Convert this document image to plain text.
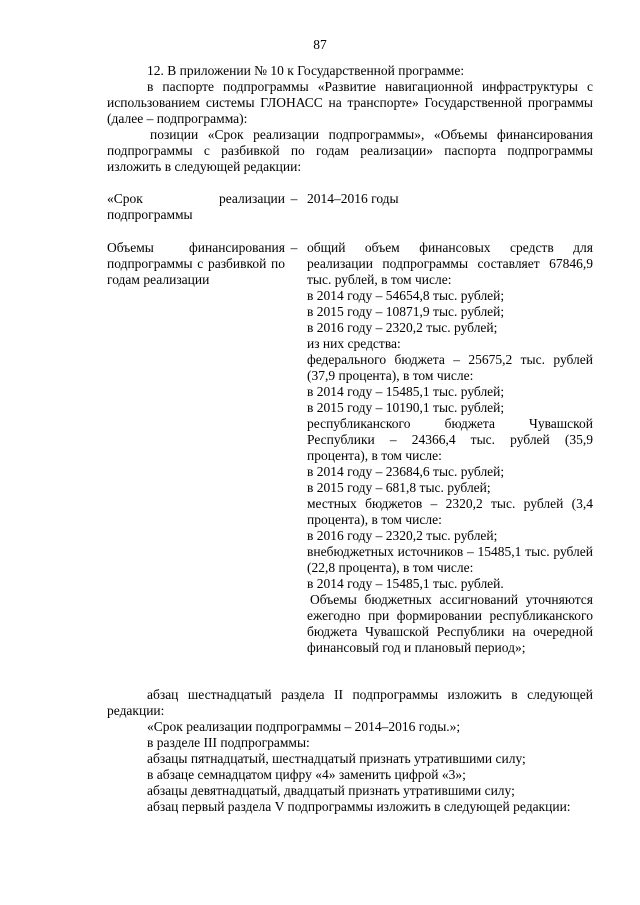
87

12. В приложении № 10 к Государственной программе:

в паспорте подпрограммы «Развитие навигационной инфраструктуры с использованием системы ГЛОНАСС на транспорте» Государственной программы (далее – подпрограмма):

позиции «Срок реализации подпрограммы», «Объемы финансирования подпрограммы с разбивкой по годам реализации» паспорта подпрограммы изложить в следующей редакции:

«Срок реализации подпрограммы
– 2014–2016 годы
Объемы финансирования подпрограммы с разбивкой по годам реализации
– общий объем финансовых средств для реализации подпрограммы составляет 67846,9 тыс. рублей, в том числе:
в 2014 году – 54654,8 тыс. рублей;
в 2015 году – 10871,9 тыс. рублей;
в 2016 году – 2320,2 тыс. рублей;
из них средства:
федерального бюджета – 25675,2 тыс. рублей (37,9 процента), в том числе:
в 2014 году – 15485,1 тыс. рублей;
в 2015 году – 10190,1 тыс. рублей;
республиканского бюджета Чувашской Республики – 24366,4 тыс. рублей (35,9 процента), в том числе:
в 2014 году – 23684,6 тыс. рублей;
в 2015 году – 681,8 тыс. рублей;
местных бюджетов – 2320,2 тыс. рублей (3,4 процента), в том числе:
в 2016 году – 2320,2 тыс. рублей;
внебюджетных источников – 15485,1 тыс. рублей (22,8 процента), в том числе:
в 2014 году – 15485,1 тыс. рублей.
Объемы бюджетных ассигнований уточняются ежегодно при формировании республиканского бюджета Чувашской Республики на очередной финансовый год и плановый период»;

абзац шестнадцатый раздела II подпрограммы изложить в следующей редакции:

«Срок реализации подпрограммы – 2014–2016 годы.»;

в разделе III подпрограммы:

абзацы пятнадцатый, шестнадцатый признать утратившими силу;

в абзаце семнадцатом цифру «4» заменить цифрой «3»;

абзацы девятнадцатый, двадцатый признать утратившими силу;

абзац первый раздела V подпрограммы изложить в следующей редакции:
